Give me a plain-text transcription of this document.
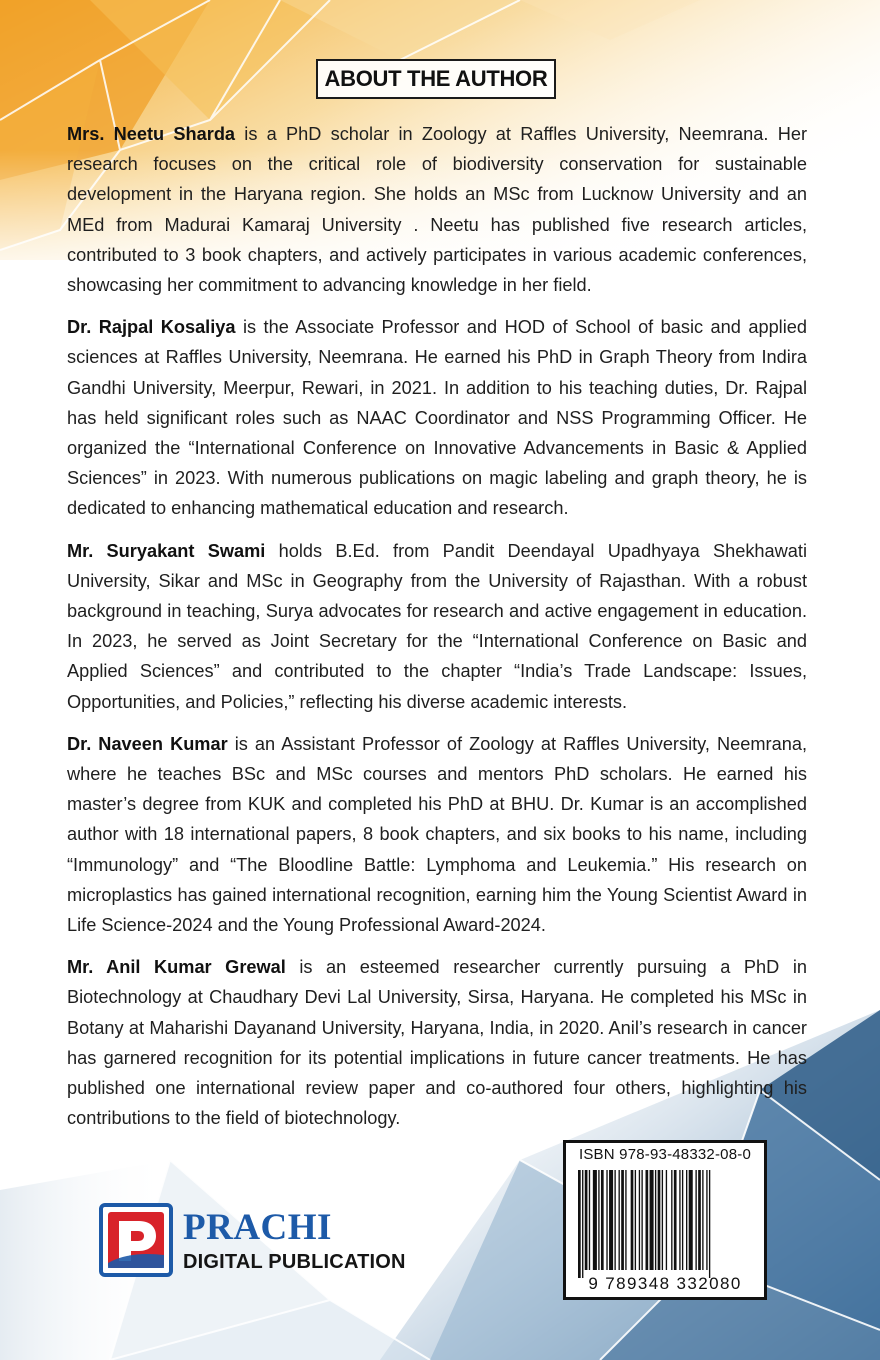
ABOUT THE AUTHOR

Mrs. Neetu Sharda is a PhD scholar in Zoology at Raffles University, Neemrana. Her research focuses on the critical role of biodiversity conservation for sustainable development in the Haryana region. She holds an MSc from Lucknow University and an MEd from Madurai Kamaraj University . Neetu has published five research articles, contributed to 3 book chapters, and actively participates in various academic conferences, showcasing her commitment to advancing knowledge in her field.

Dr. Rajpal Kosaliya is the Associate Professor and HOD of School of basic and applied sciences at Raffles University, Neemrana. He earned his PhD in Graph Theory from Indira Gandhi University, Meerpur, Rewari, in 2021. In addition to his teaching duties, Dr. Rajpal has held significant roles such as NAAC Coordinator and NSS Programming Officer. He organized the “International Conference on Innovative Advancements in Basic & Applied Sciences” in 2023. With numerous publications on magic labeling and graph theory, he is dedicated to enhancing mathematical education and research.

Mr. Suryakant Swami holds B.Ed. from Pandit Deendayal Upadhyaya Shekhawati University, Sikar and MSc in Geography from the University of Rajasthan. With a robust background in teaching, Surya advocates for research and active engagement in education. In 2023, he served as Joint Secretary for the “International Conference on Basic and Applied Sciences” and contributed to the chapter “India’s Trade Landscape: Issues, Opportunities, and Policies,” reflecting his diverse academic interests.

Dr. Naveen Kumar is an Assistant Professor of Zoology at Raffles University, Neemrana, where he teaches BSc and MSc courses and mentors PhD scholars. He earned his master’s degree from KUK and completed his PhD at BHU. Dr. Kumar is an accomplished author with 18 international papers, 8 book chapters, and six books to his name, including “Immunology” and “The Bloodline Battle: Lymphoma and Leukemia.” His research on microplastics has gained international recognition, earning him the Young Scientist Award in Life Science-2024 and the Young Professional Award-2024.

Mr. Anil Kumar Grewal is an esteemed researcher currently pursuing a PhD in Biotechnology at Chaudhary Devi Lal University, Sirsa, Haryana. He completed his MSc in Botany at Maharishi Dayanand University, Haryana, India, in 2020. Anil’s research in cancer has garnered recognition for its potential implications in future cancer treatments. He has published one international review paper and co-authored four others, highlighting his contributions to the field of biotechnology.

ISBN 978-93-48332-08-0
9 789348 332080
PRACHI
DIGITAL PUBLICATION
